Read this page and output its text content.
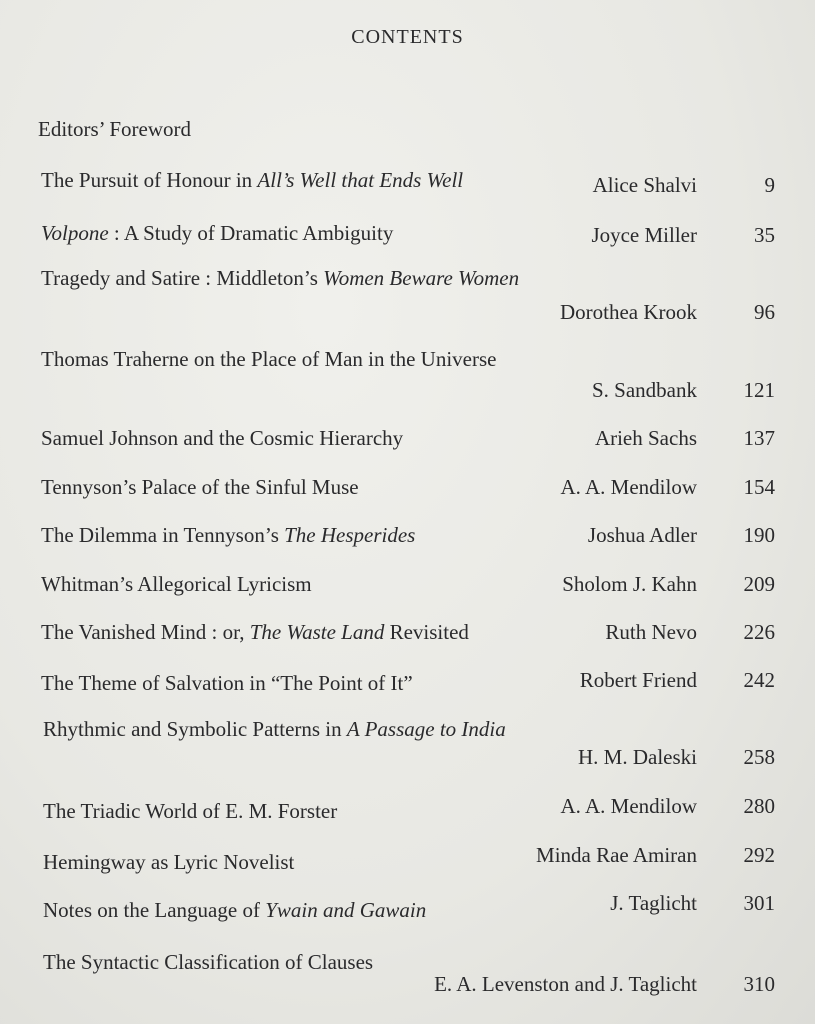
CONTENTS
Editors’ Foreword
The Pursuit of Honour in All’s Well that Ends Well	Alice Shalvi	9
Volpone : A Study of Dramatic Ambiguity	Joyce Miller	35
Tragedy and Satire : Middleton’s Women Beware Women
Dorothea Krook	96
Thomas Traherne on the Place of Man in the Universe
S. Sandbank 121
Samuel Johnson and the Cosmic Hierarchy	Arieh Sachs 137
Tennyson’s Palace of the Sinful Muse	A. A. Mendilow 154
The Dilemma in Tennyson’s The Hesperides	Joshua Adler 190
Whitman’s Allegorical Lyricism	Sholom J. Kahn 209
The Vanished Mind : or, The Waste Land Revisited	Ruth Nevo 226
The Theme of Salvation in “The Point of It”	Robert Friend 242
Rhythmic and Symbolic Patterns in A Passage to India
H. M. Daleski 258
The Triadic World of E. M. Forster	A. A. Mendilow 280
Hemingway as Lyric Novelist	Minda Rae Amiran 292
Notes on the Language of Ywain and Gawain	J. Taglicht 301
The Syntactic Classification of Clauses
E. A. Levenston and J. Taglicht 310
